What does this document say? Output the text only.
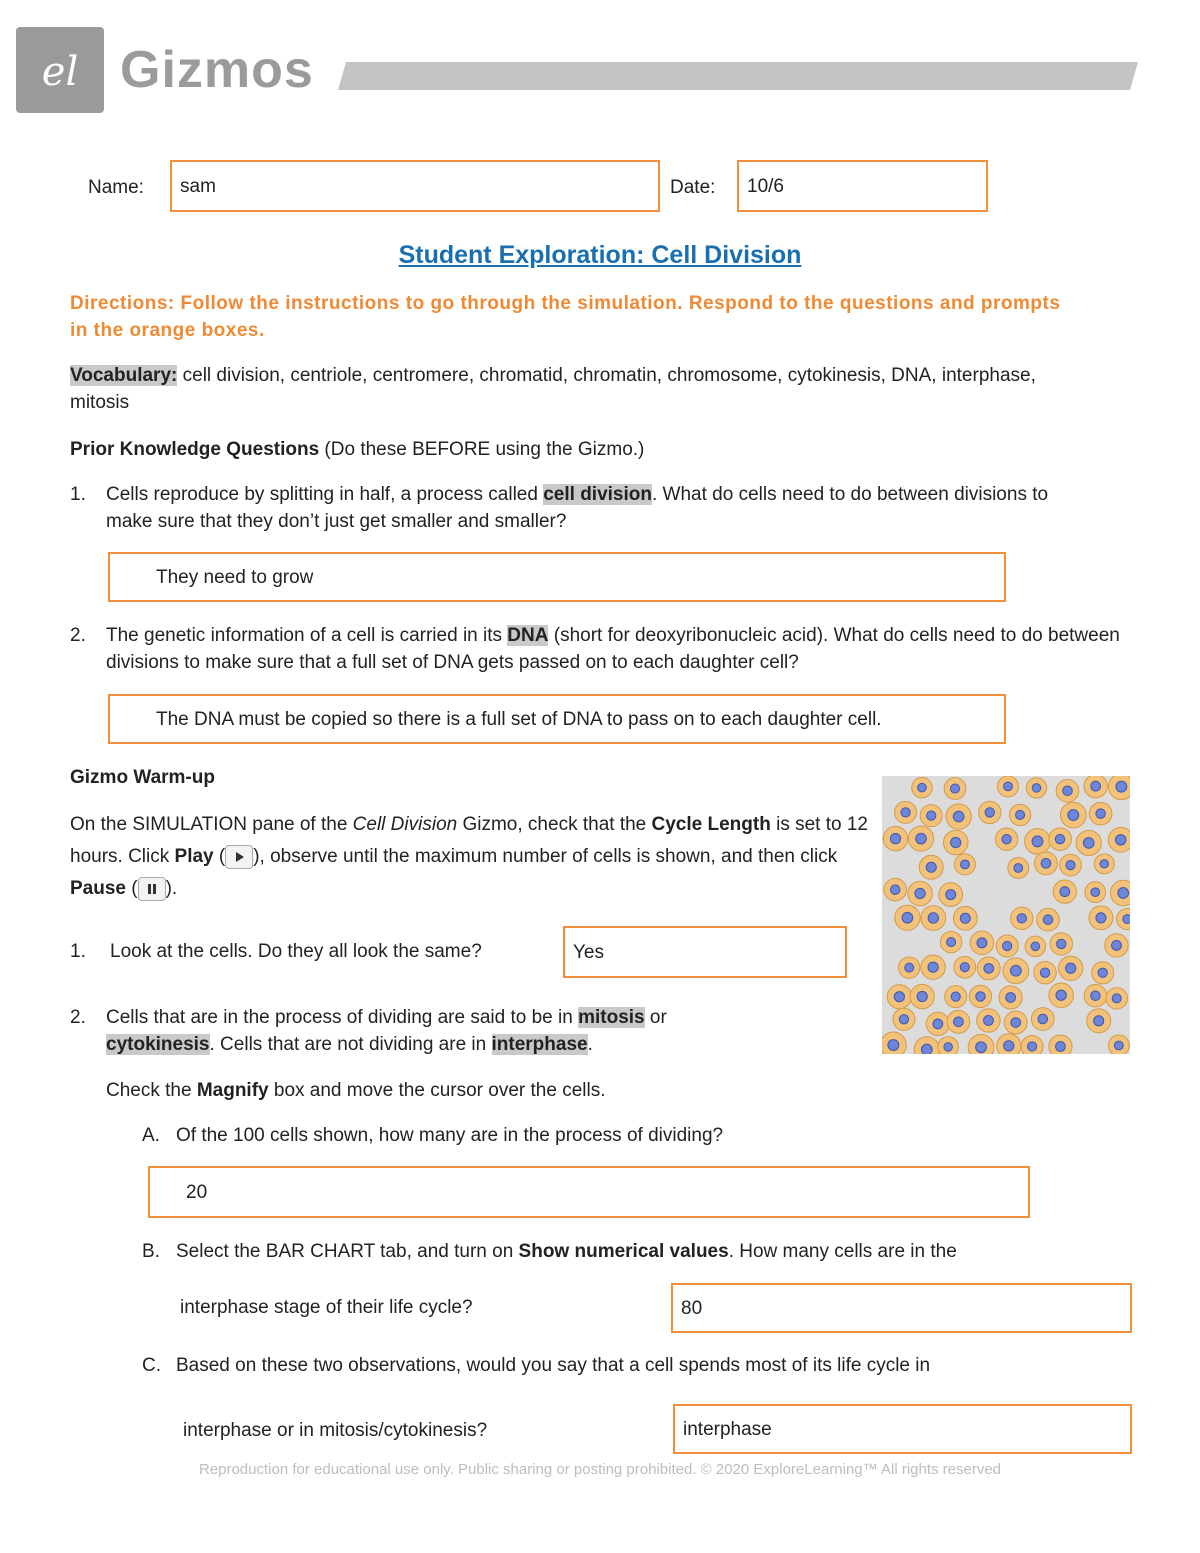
el Gizmos
Name: sam	Date: 10/6
Student Exploration: Cell Division
Directions: Follow the instructions to go through the simulation. Respond to the questions and prompts in the orange boxes.
Vocabulary: cell division, centriole, centromere, chromatid, chromatin, chromosome, cytokinesis, DNA, interphase, mitosis
Prior Knowledge Questions (Do these BEFORE using the Gizmo.)
1. Cells reproduce by splitting in half, a process called cell division. What do cells need to do between divisions to make sure that they don’t just get smaller and smaller?
They need to grow
2. The genetic information of a cell is carried in its DNA (short for deoxyribonucleic acid). What do cells need to do between divisions to make sure that a full set of DNA gets passed on to each daughter cell?
The DNA must be copied so there is a full set of DNA to pass on to each daughter cell.
Gizmo Warm-up
On the SIMULATION pane of the Cell Division Gizmo, check that the Cycle Length is set to 12 hours. Click Play ( ), observe until the maximum number of cells is shown, and then click Pause ( ).
1. Look at the cells. Do they all look the same?	Yes
2. Cells that are in the process of dividing are said to be in mitosis or
cytokinesis. Cells that are not dividing are in interphase.
Check the Magnify box and move the cursor over the cells.
A. Of the 100 cells shown, how many are in the process of dividing?
20
B. Select the BAR CHART tab, and turn on Show numerical values. How many cells are in the
interphase stage of their life cycle?	80
C. Based on these two observations, would you say that a cell spends most of its life cycle in
interphase or in mitosis/cytokinesis?	interphase
Reproduction for educational use only. Public sharing or posting prohibited. © 2020 ExploreLearning™ All rights reserved
